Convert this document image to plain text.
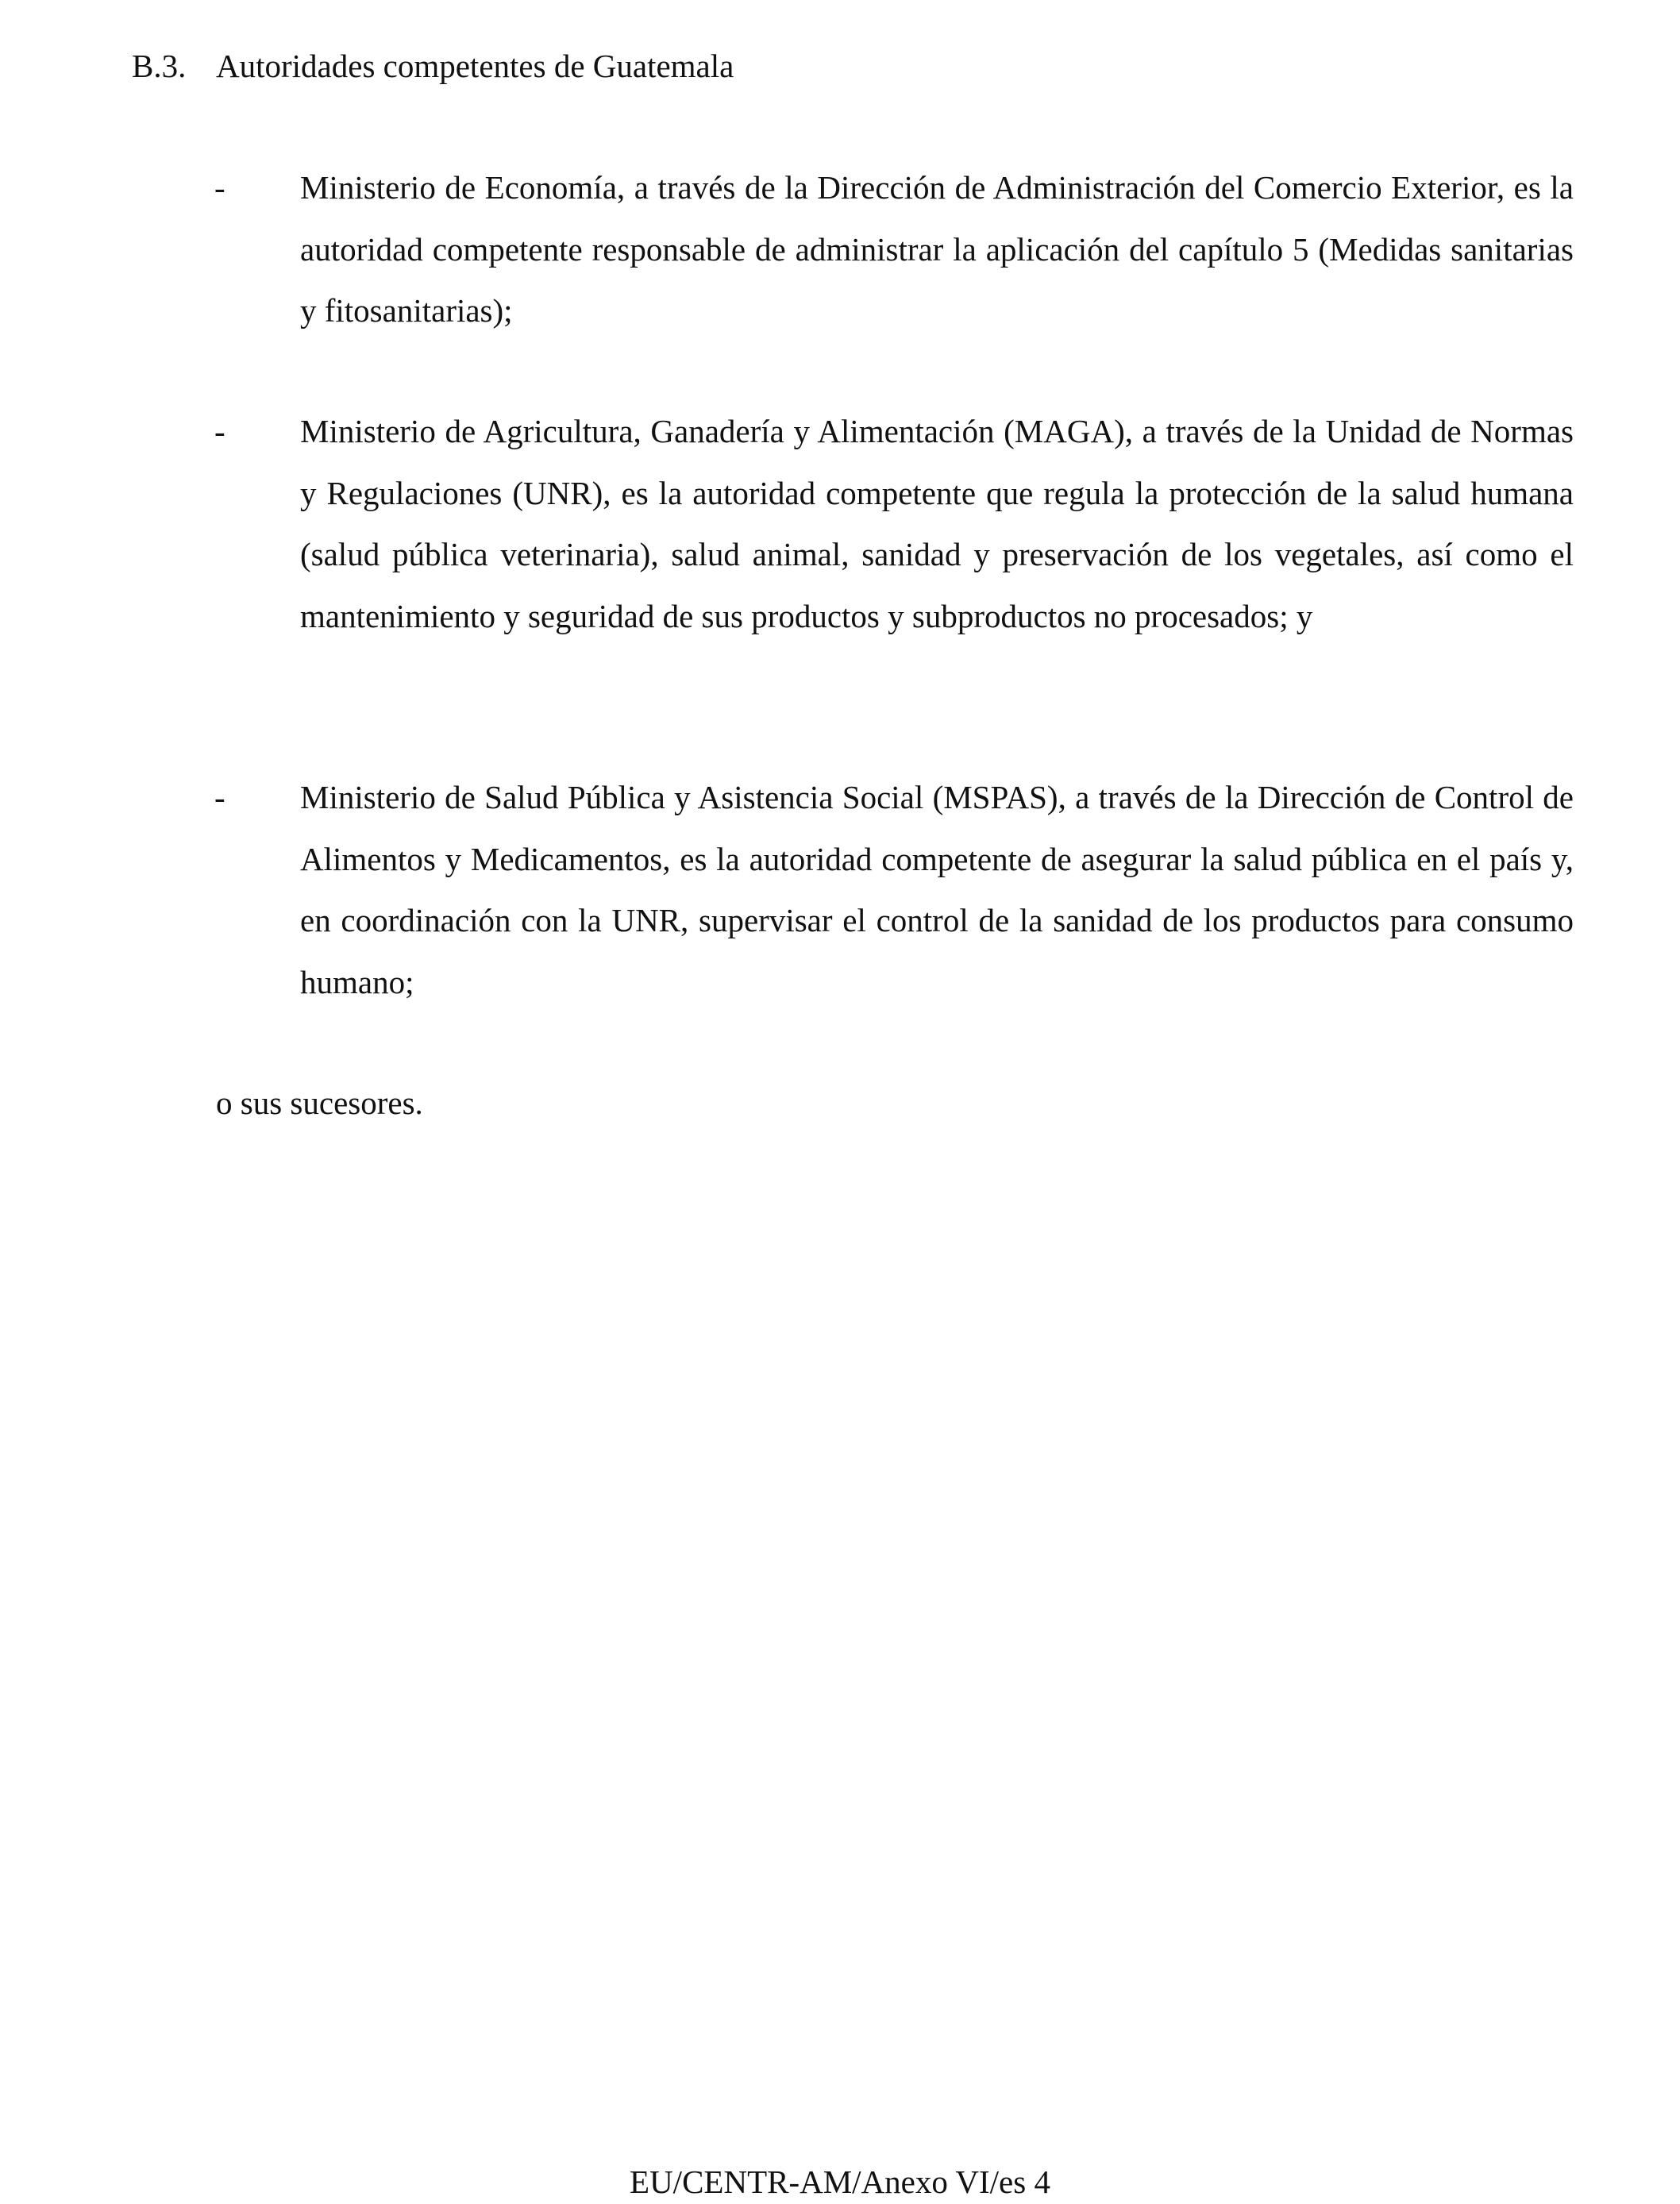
B.3. Autoridades competentes de Guatemala
- Ministerio de Economía, a través de la Dirección de Administración del Comercio Exterior, es la autoridad competente responsable de administrar la aplicación del capítulo 5 (Medidas sanitarias y fitosanitarias);
- Ministerio de Agricultura, Ganadería y Alimentación (MAGA), a través de la Unidad de Normas y Regulaciones (UNR), es la autoridad competente que regula la protección de la salud humana (salud pública veterinaria), salud animal, sanidad y preservación de los vegetales, así como el mantenimiento y seguridad de sus productos y subproductos no procesados; y
- Ministerio de Salud Pública y Asistencia Social (MSPAS), a través de la Dirección de Control de Alimentos y Medicamentos, es la autoridad competente de asegurar la salud pública en el país y, en coordinación con la UNR, supervisar el control de la sanidad de los productos para consumo humano;
o sus sucesores.
EU/CENTR-AM/Anexo VI/es 4
